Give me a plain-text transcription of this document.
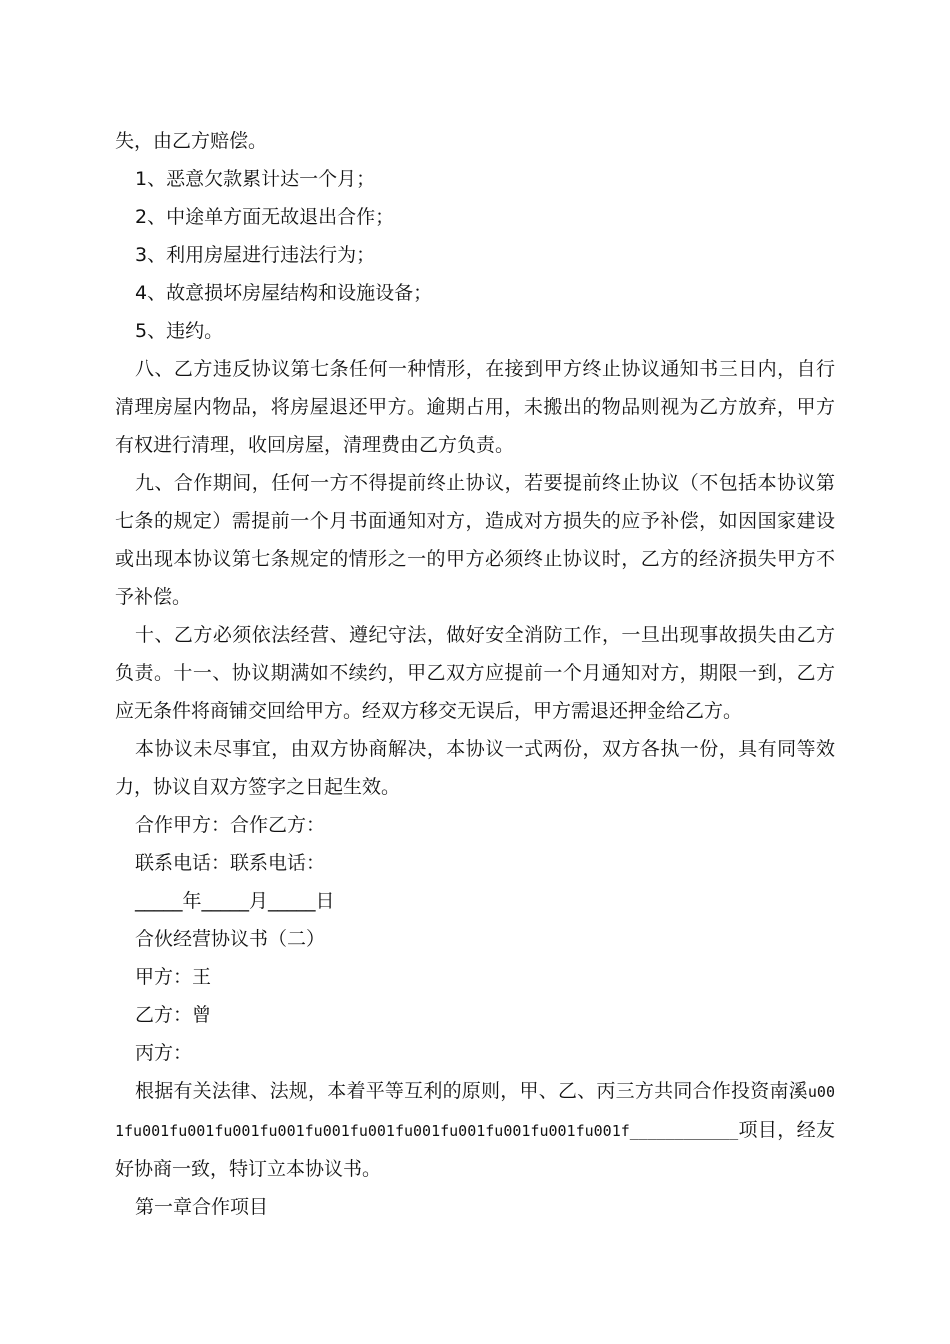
失，由乙方赔偿。

1、恶意欠款累计达一个月；

2、中途单方面无故退出合作；

3、利用房屋进行违法行为；

4、故意损坏房屋结构和设施设备；

5、违约。

八、乙方违反协议第七条任何一种情形，在接到甲方终止协议通知书三日内，自行清理房屋内物品，将房屋退还甲方。逾期占用，未搬出的物品则视为乙方放弃，甲方有权进行清理，收回房屋，清理费由乙方负责。

九、合作期间，任何一方不得提前终止协议，若要提前终止协议（不包括本协议第七条的规定）需提前一个月书面通知对方，造成对方损失的应予补偿，如因国家建设或出现本协议第七条规定的情形之一的甲方必须终止协议时，乙方的经济损失甲方不予补偿。

十、乙方必须依法经营、遵纪守法，做好安全消防工作，一旦出现事故损失由乙方负责。十一、协议期满如不续约，甲乙双方应提前一个月通知对方，期限一到，乙方应无条件将商铺交回给甲方。经双方移交无误后，甲方需退还押金给乙方。

本协议未尽事宜，由双方协商解决，本协议一式两份，双方各执一份，具有同等效力，协议自双方签字之日起生效。

合作甲方：合作乙方：

联系电话：联系电话：

_____年_____月_____日

合伙经营协议书（二）

甲方：王

乙方：曾

丙方：

根据有关法律、法规，本着平等互利的原则，甲、乙、丙三方共同合作投资南溪u001fu001fu001fu001fu001fu001fu001fu001fu001fu001fu001fu001f____________项目，经友好协商一致，特订立本协议书。

第一章合作项目
